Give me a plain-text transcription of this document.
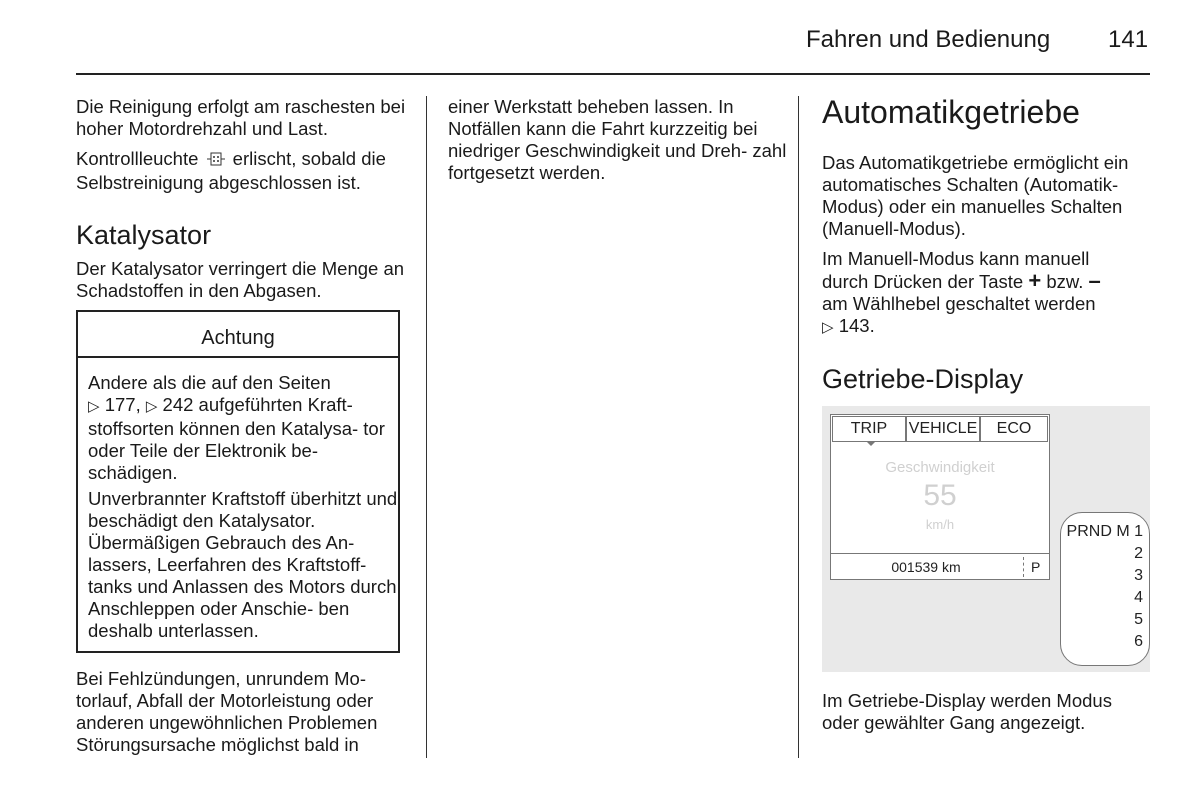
Fahren und Bedienung 141

Die Reinigung erfolgt am raschesten bei hoher Motordrehzahl und Last.

Kontrollleuchte erlischt, sobald die Selbstreinigung abgeschlossen ist.

Katalysator

Der Katalysator verringert die Menge an Schadstoffen in den Abgasen.

Achtung
Andere als die auf den Seiten
▷ 177, ▷ 242 aufgeführten Kraft-
stoffsorten können den Katalysa- tor oder Teile der Elektronik be- schädigen.
Unverbrannter Kraftstoff überhitzt und beschädigt den Katalysator. Übermäßigen Gebrauch des An- lassers, Leerfahren des Kraftstoff- tanks und Anlassen des Motors durch Anschleppen oder Anschie- ben deshalb unterlassen.

Bei Fehlzündungen, unrundem Mo- torlauf, Abfall der Motorleistung oder anderen ungewöhnlichen Problemen Störungsursache möglichst bald in

einer Werkstatt beheben lassen. In Notfällen kann die Fahrt kurzzeitig bei niedriger Geschwindigkeit und Dreh- zahl fortgesetzt werden.

Automatikgetriebe

Das Automatikgetriebe ermöglicht ein automatisches Schalten (Automatik- Modus) oder ein manuelles Schalten (Manuell-Modus).

Im Manuell-Modus kann manuell
durch Drücken der Taste + bzw. –
am Wählhebel geschaltet werden
▷ 143.
Getriebe-Display
TRIP	VEHICLE	ECO
Geschwindigkeit
55
km/h
001539 km	P
PRND M 1
2
3
4
5
6

Im Getriebe-Display werden Modus oder gewählter Gang angezeigt.
